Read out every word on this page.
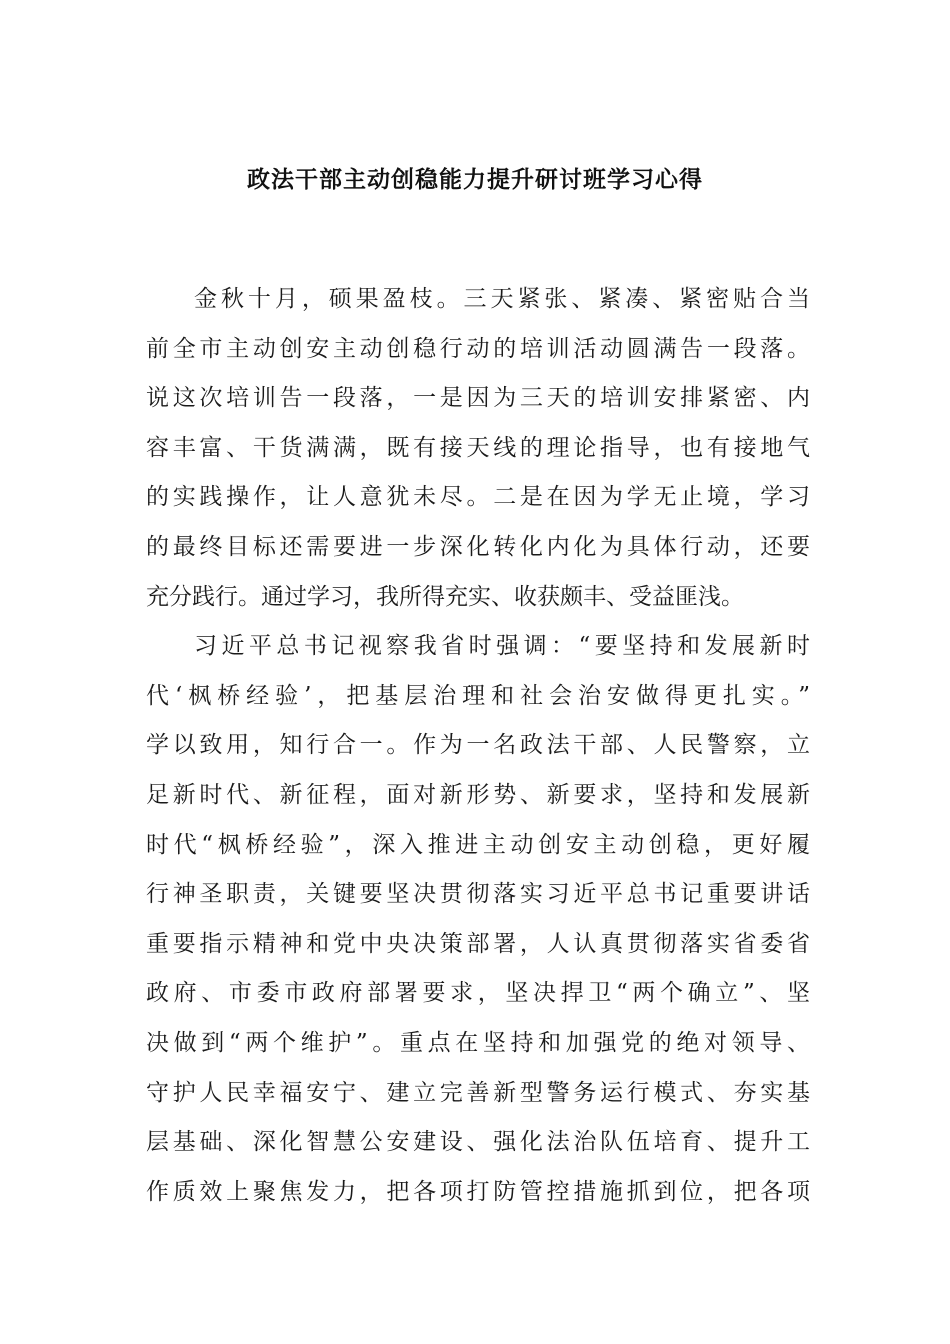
政法干部主动创稳能力提升研讨班学习心得
金秋十月，硕果盈枝。三天紧张、紧凑、紧密贴合当
前全市主动创安主动创稳行动的培训活动圆满告一段落。
说这次培训告一段落，一是因为三天的培训安排紧密、内
容丰富、干货满满，既有接天线的理论指导，也有接地气
的实践操作，让人意犹未尽。二是在因为学无止境，学习
的最终目标还需要进一步深化转化内化为具体行动，还要
充分践行。通过学习，我所得充实、收获颇丰、受益匪浅。
习近平总书记视察我省时强调：“要坚持和发展新时
代‘枫桥经验’，把基层治理和社会治安做得更扎实。”
学以致用，知行合一。作为一名政法干部、人民警察，立
足新时代、新征程，面对新形势、新要求，坚持和发展新
时代“枫桥经验”，深入推进主动创安主动创稳，更好履
行神圣职责，关键要坚决贯彻落实习近平总书记重要讲话
重要指示精神和党中央决策部署，人认真贯彻落实省委省
政府、市委市政府部署要求，坚决捍卫“两个确立”、坚
决做到“两个维护”。重点在坚持和加强党的绝对领导、
守护人民幸福安宁、建立完善新型警务运行模式、夯实基
层基础、深化智慧公安建设、强化法治队伍培育、提升工
作质效上聚焦发力，把各项打防管控措施抓到位，把各项
